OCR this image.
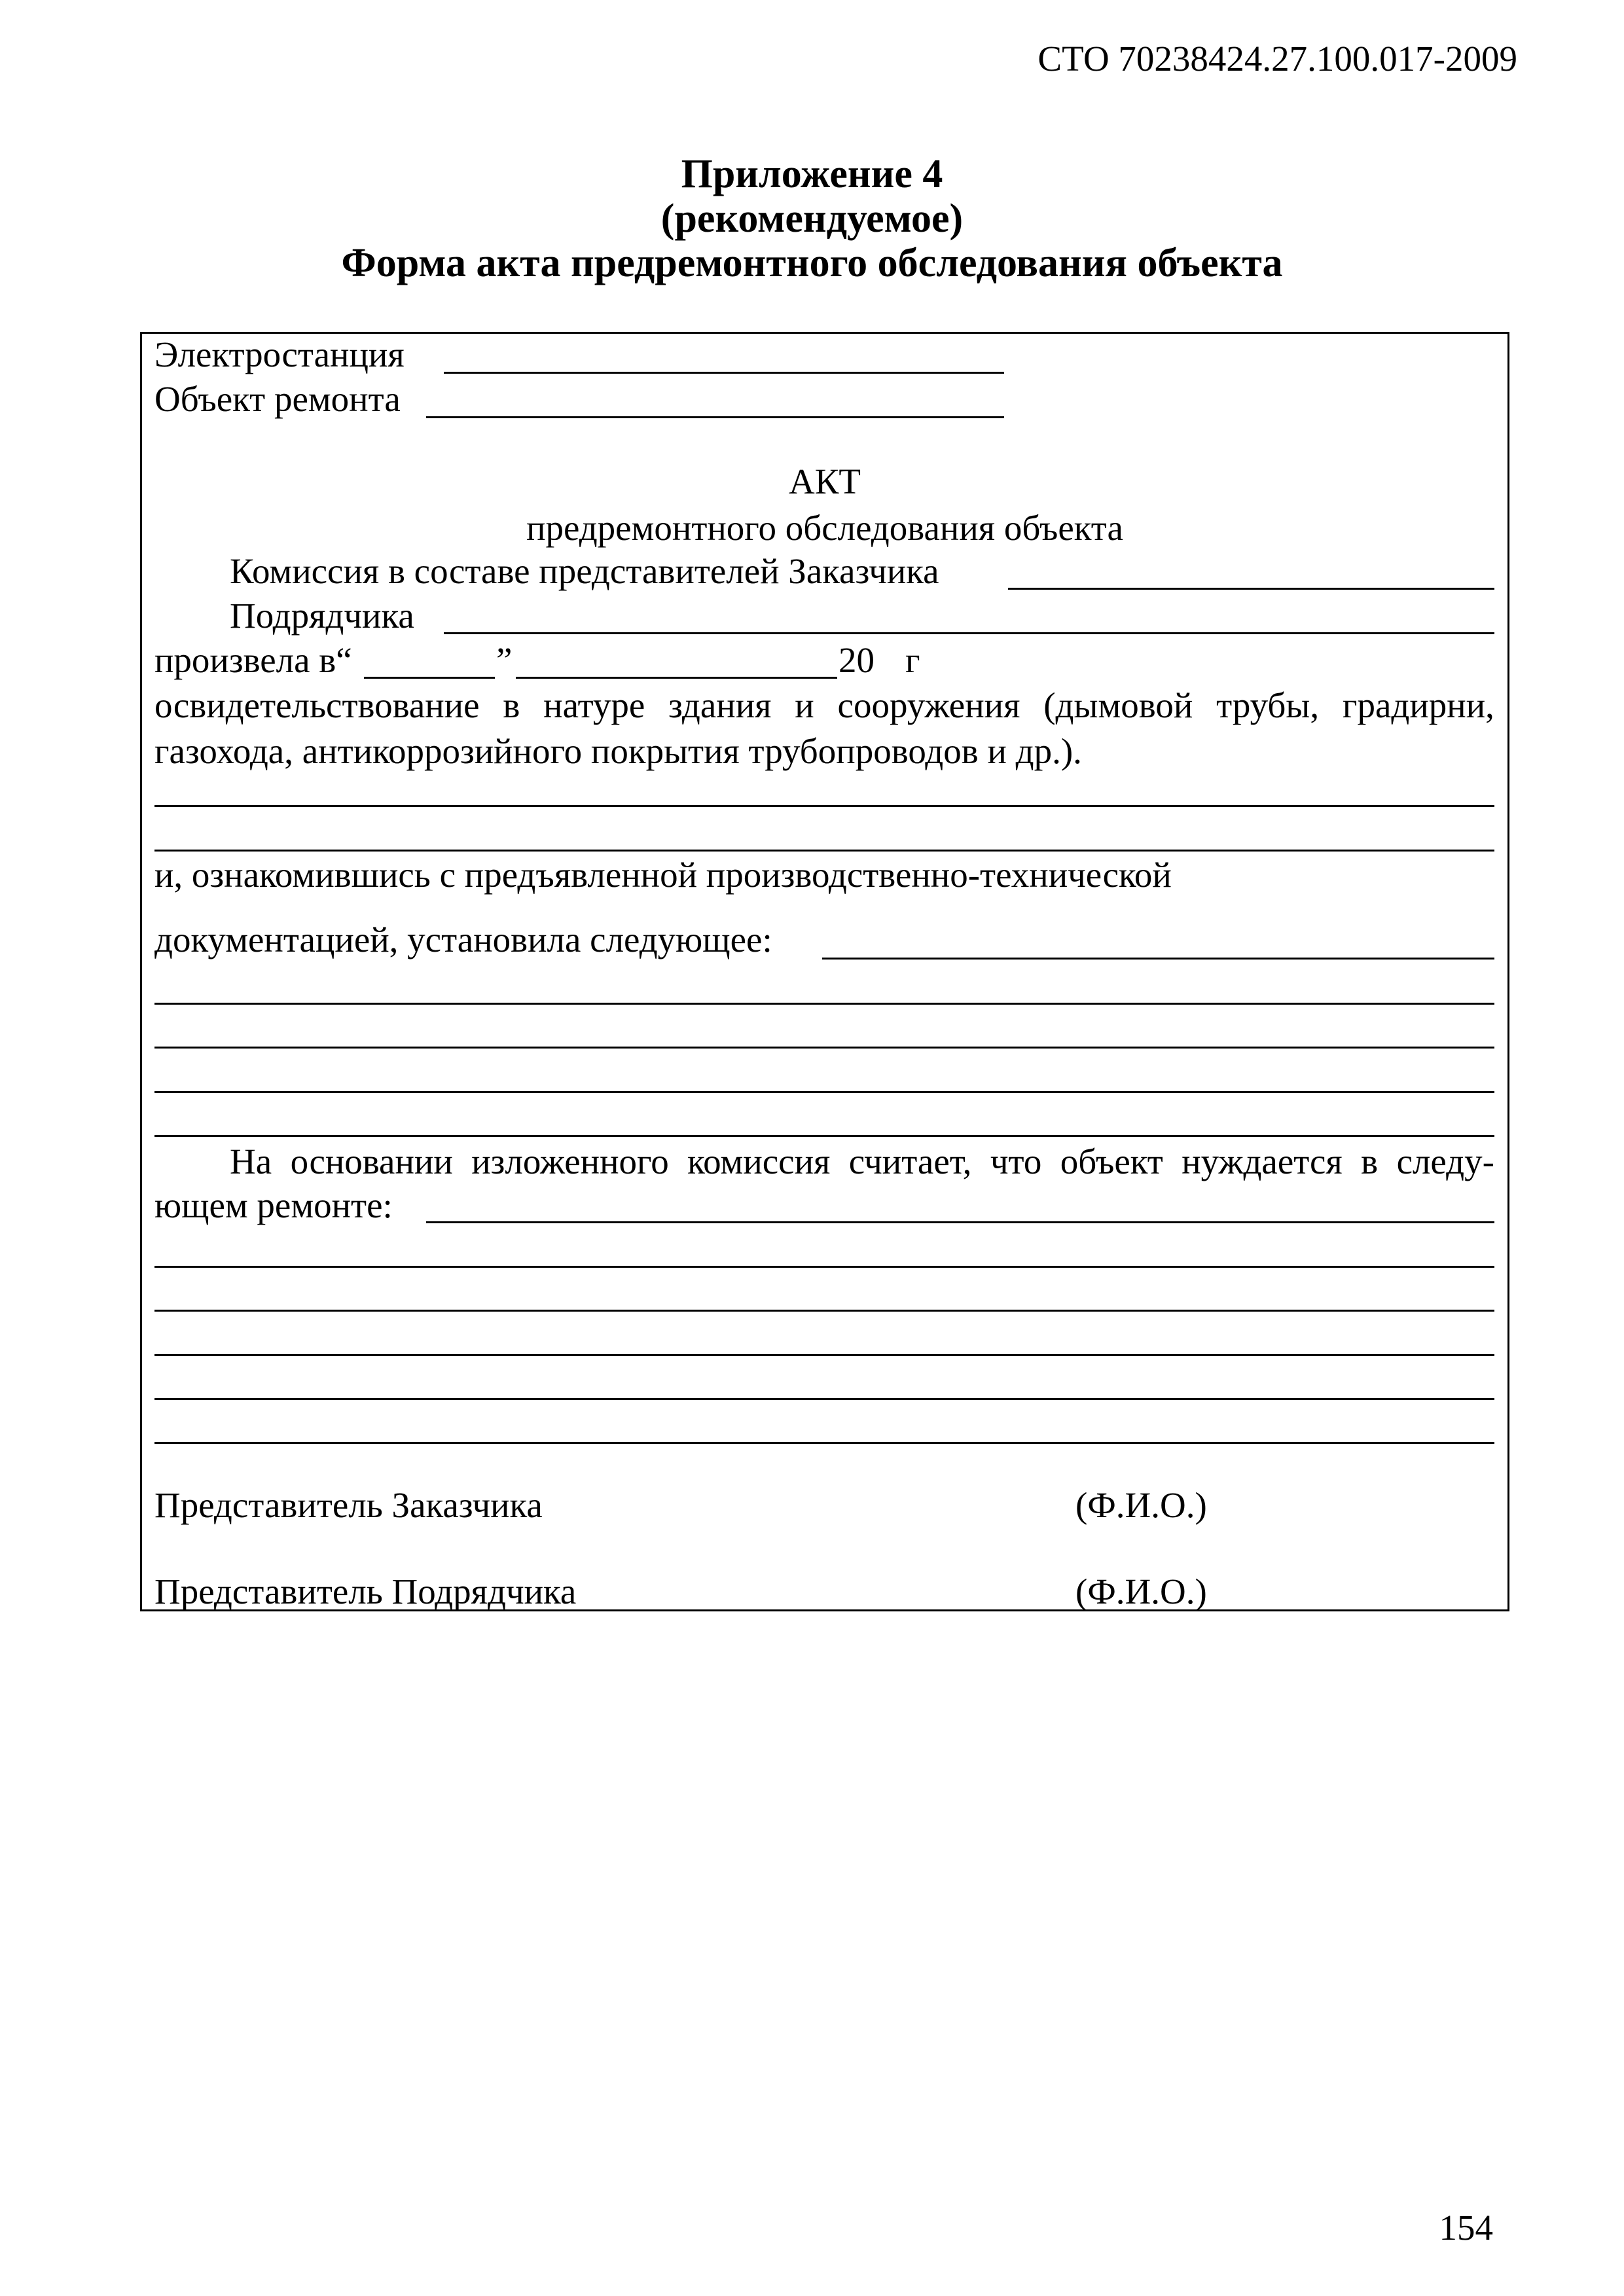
СТО 70238424.27.100.017-2009
Приложение 4
(рекомендуемое)
Форма акта предремонтного обследования объекта
Электростанция
Объект ремонта
АКТ
предремонтного обследования объекта
Комиссия в составе представителей Заказчика
Подрядчика
произвела в“	”	20 г
освидетельствование в натуре здания и сооружения (дымовой трубы, градирни,
газохода, антикоррозийного покрытия трубопроводов и др.).
и, ознакомившись с предъявленной производственно-технической
документацией, установила следующее:
На основании изложенного комиссия считает, что объект нуждается в следу-
ющем ремонте:
Представитель Заказчика	(Ф.И.О.)
Представитель Подрядчика	(Ф.И.О.)
154
